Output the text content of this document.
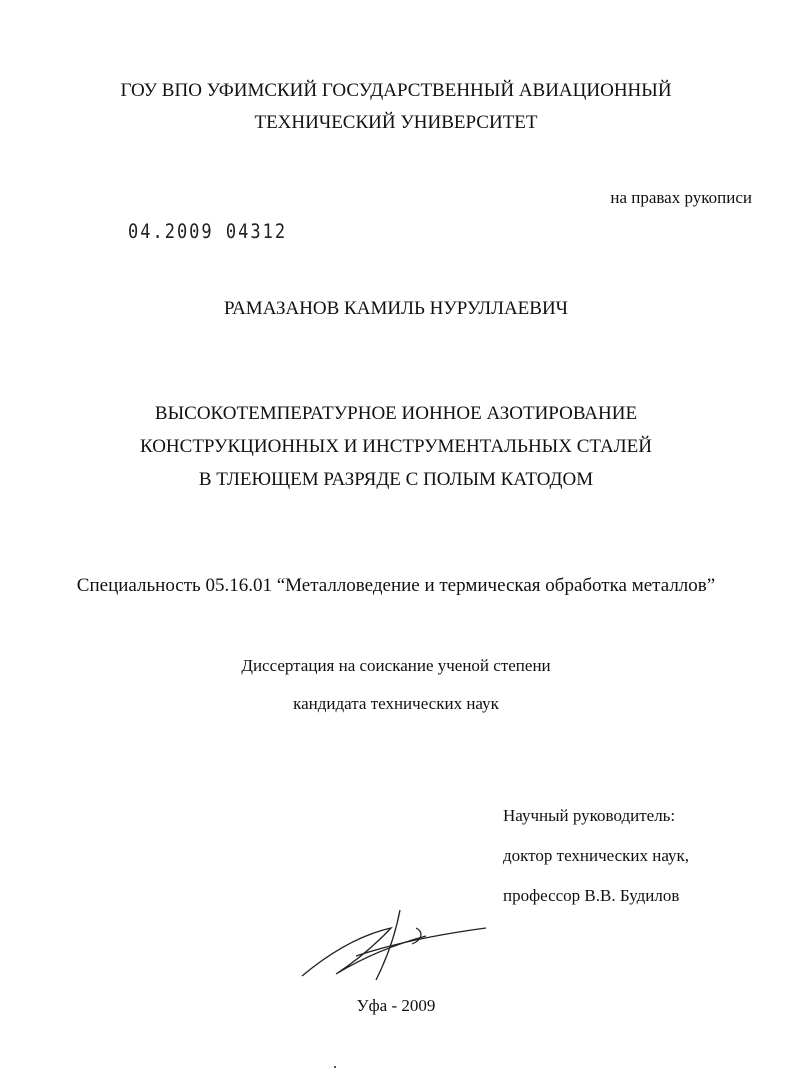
ГОУ ВПО УФИМСКИЙ ГОСУДАРСТВЕННЫЙ АВИАЦИОННЫЙ
ТЕХНИЧЕСКИЙ УНИВЕРСИТЕТ
на правах рукописи
04.2009 04312
РАМАЗАНОВ КАМИЛЬ НУРУЛЛАЕВИЧ
ВЫСОКОТЕМПЕРАТУРНОЕ ИОННОЕ АЗОТИРОВАНИЕ
КОНСТРУКЦИОННЫХ И ИНСТРУМЕНТАЛЬНЫХ СТАЛЕЙ
В ТЛЕЮЩЕМ РАЗРЯДЕ С ПОЛЫМ КАТОДОМ
Специальность 05.16.01 “Металловедение и термическая обработка металлов”
Диссертация на соискание ученой степени
кандидата технических наук
Научный руководитель:
доктор технических наук,
профессор В.В. Будилов
Уфа - 2009
